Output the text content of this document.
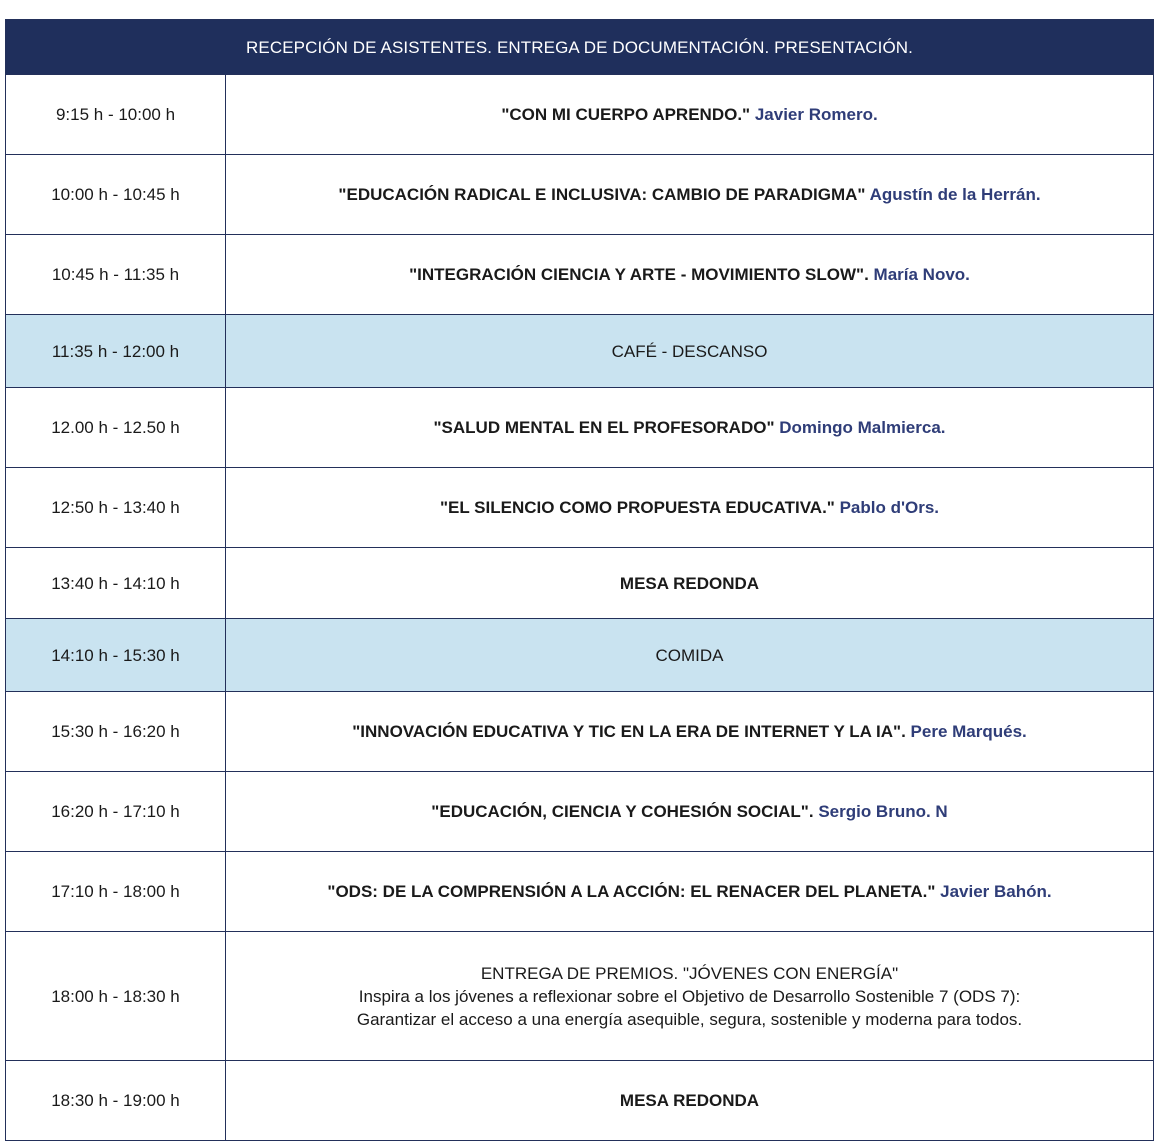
RECEPCIÓN DE ASISTENTES. ENTREGA DE DOCUMENTACIÓN. PRESENTACIÓN.	
9:15 h - 10:00 h	"CON MI CUERPO APRENDO." Javier Romero.
10:00 h - 10:45 h	"EDUCACIÓN RADICAL E INCLUSIVA: CAMBIO DE PARADIGMA" Agustín de la Herrán.
10:45 h - 11:35 h	"INTEGRACIÓN CIENCIA Y ARTE - MOVIMIENTO SLOW". María Novo.
11:35 h - 12:00 h	CAFÉ - DESCANSO
12.00 h - 12.50 h	"SALUD MENTAL EN EL PROFESORADO" Domingo Malmierca.
12:50 h - 13:40 h	"EL SILENCIO COMO PROPUESTA EDUCATIVA." Pablo d'Ors.
13:40 h - 14:10 h	MESA REDONDA
14:10 h - 15:30 h	COMIDA
15:30 h - 16:20 h	"INNOVACIÓN EDUCATIVA Y TIC EN LA ERA DE INTERNET Y LA IA". Pere Marqués.
16:20 h - 17:10 h	"EDUCACIÓN, CIENCIA Y COHESIÓN SOCIAL". Sergio Bruno. N
17:10 h - 18:00 h	"ODS: DE LA COMPRENSIÓN A LA ACCIÓN: EL RENACER DEL PLANETA." Javier Bahón.
18:00 h - 18:30 h	ENTREGA DE PREMIOS. "JÓVENES CON ENERGÍA"
Inspira a los jóvenes a reflexionar sobre el Objetivo de Desarrollo Sostenible 7 (ODS 7):
Garantizar el acceso a una energía asequible, segura, sostenible y moderna para todos.

18:30 h - 19:00 h	MESA REDONDA
